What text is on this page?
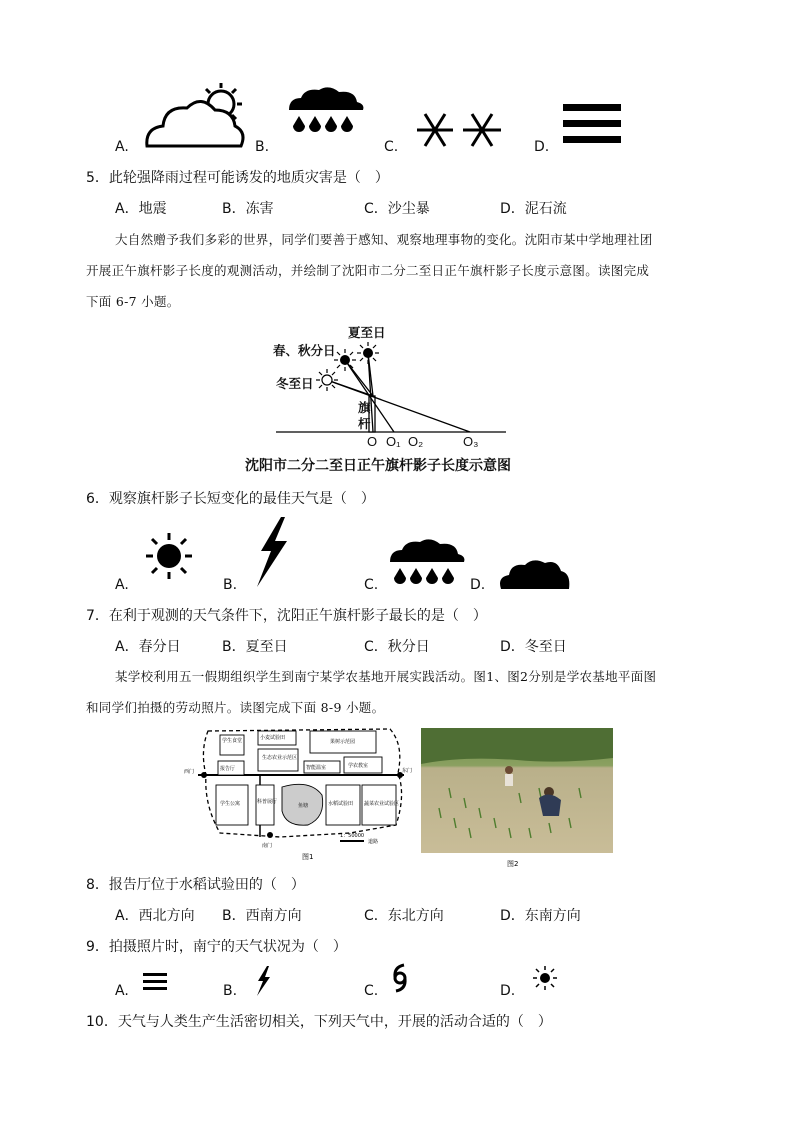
A.	B.	C.	D.
5．此轮强降雨过程可能诱发的地质灾害是（　）
A．地震	B．冻害	C．沙尘暴	D．泥石流
大自然赠予我们多彩的世界，同学们要善于感知、观察地理事物的变化。沈阳市某中学地理社团
开展正午旗杆影子长度的观测活动，并绘制了沈阳市二分二至日正午旗杆影子长度示意图。读图完成
下面 6-7 小题。
夏至日
春、秋分日
冬至日
旗
杆
O O₁ O₂	O₃
沈阳市二分二至日正午旗杆影子长度示意图
6．观察旗杆影子长短变化的最佳天气是（　）
A.	B.	C.	D.
7．在利于观测的天气条件下，沈阳正午旗杆影子最长的是（　）
A．春分日	B．夏至日	C．秋分日	D．冬至日
某学校利用五一假期组织学生到南宁某学农基地开展实践活动。图1、图2分别是学农基地平面图
和同学们拍摄的劳动照片。读图完成下面 8-9 小题。
学生食堂	小麦试验田
果树示范园
生态农业示范区
报告厅	学农教室
学生公寓	科普展厅
鱼塘	水稻试验田 蔬菜农业试验区
智能温室
西门	东门
南门
1：50000
道路
图1
图2
8．报告厅位于水稻试验田的（　）
A．西北方向 B．西南方向	C．东北方向	D．东南方向
9．拍摄照片时，南宁的天气状况为（　）
A.	B.	C.	D.
10．天气与人类生产生活密切相关，下列天气中，开展的活动合适的（　）
